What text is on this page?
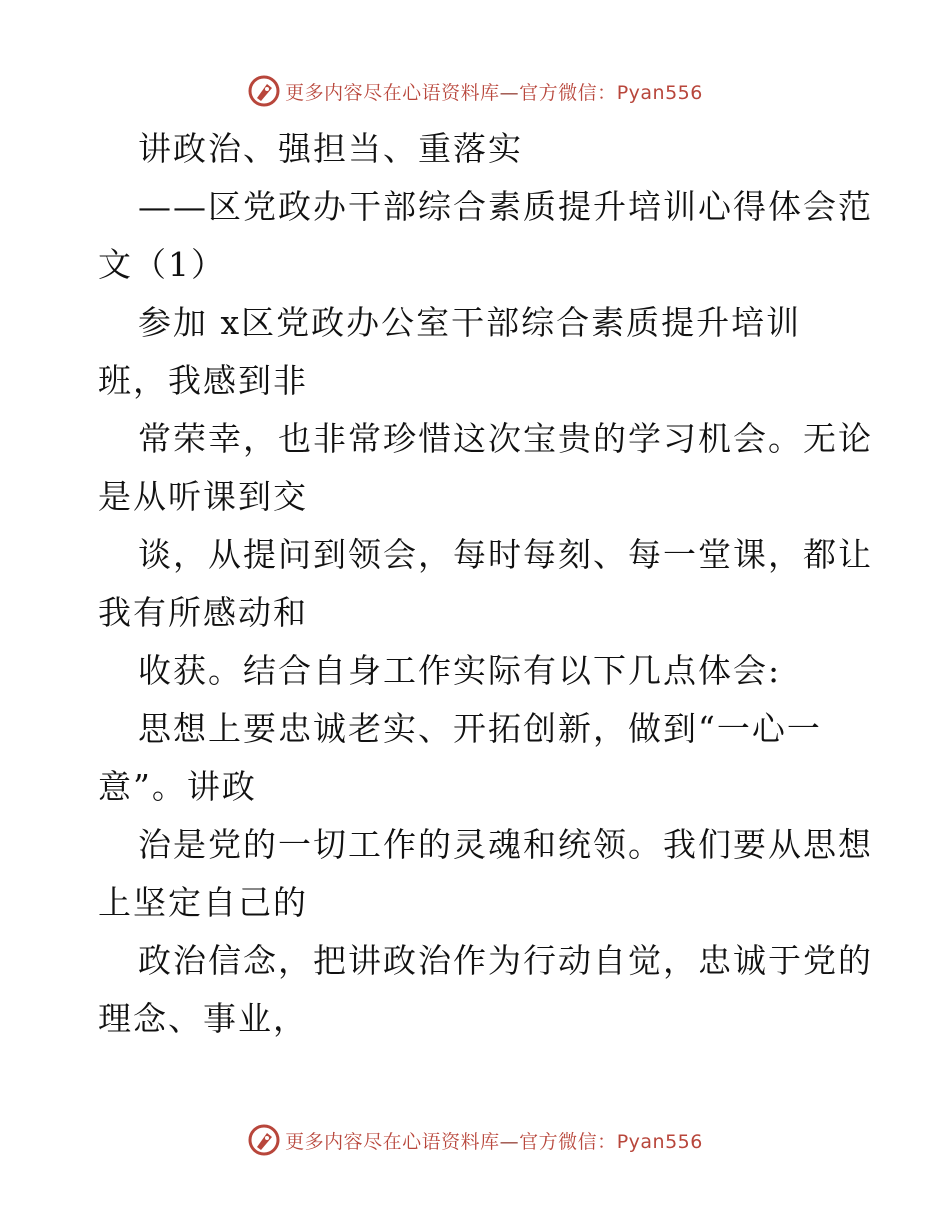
更多内容尽在心语资料库—官方微信：Pyan556
讲政治、强担当、重落实
——区党政办干部综合素质提升培训心得体会范
文（1）
参加 x区党政办公室干部综合素质提升培训
班，我感到非
常荣幸，也非常珍惜这次宝贵的学习机会。无论
是从听课到交
谈，从提问到领会，每时每刻、每一堂课，都让
我有所感动和
收获。结合自身工作实际有以下几点体会:
思想上要忠诚老实、开拓创新，做到“一心一
意”。讲政
治是党的一切工作的灵魂和统领。我们要从思想
上坚定自己的
政治信念，把讲政治作为行动自觉，忠诚于党的
理念、事业，
更多内容尽在心语资料库—官方微信：Pyan556
